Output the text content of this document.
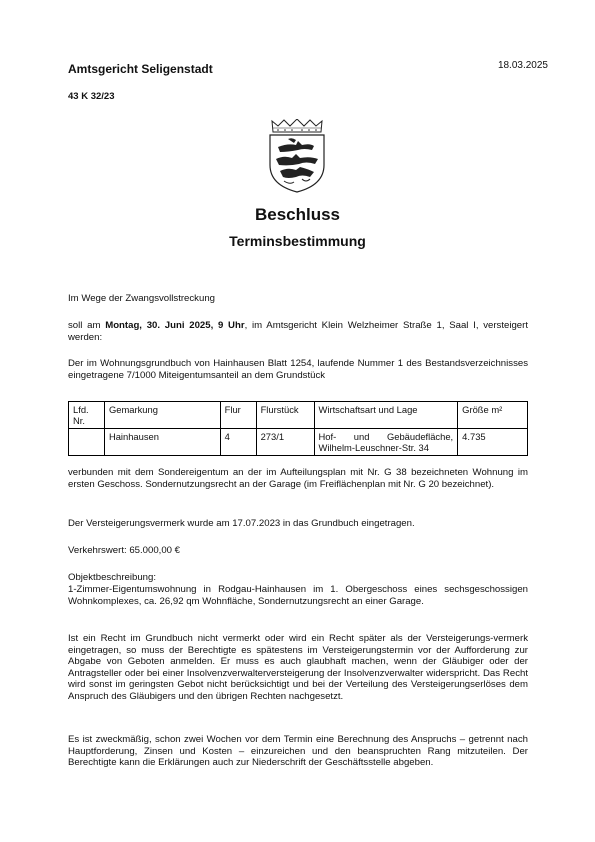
Amtsgericht Seligenstadt	18.03.2025
43 K 32/23
Beschluss
Terminsbestimmung
Im Wege der Zwangsvollstreckung
soll am Montag, 30. Juni 2025, 9 Uhr, im Amtsgericht Klein Welzheimer Straße 1, Saal I, versteigert werden:
Der im Wohnungsgrundbuch von Hainhausen Blatt 1254, laufende Nummer 1 des Bestandsverzeichnisses eingetragene 7/1000 Miteigentumsanteil an dem Grundstück
Lfd. Nr.	Gemarkung	Flur	Flurstück	Wirtschaftsart und Lage	Größe m²
	Hainhausen	4	273/1	Hof- und Gebäudefläche, Wilhelm-Leuschner-Str. 34	4.735
verbunden mit dem Sondereigentum an der im Aufteilungsplan mit Nr. G 38 bezeichneten Wohnung im ersten Geschoss. Sondernutzungsrecht an der Garage (im Freiflächenplan mit Nr. G 20 bezeichnet).
Der Versteigerungsvermerk wurde am 17.07.2023 in das Grundbuch eingetragen.
Verkehrswert: 65.000,00 €
Objektbeschreibung:
1-Zimmer-Eigentumswohnung in Rodgau-Hainhausen im 1. Obergeschoss eines sechsgeschossigen Wohnkomplexes, ca. 26,92 qm Wohnfläche, Sondernutzungsrecht an einer Garage.
Ist ein Recht im Grundbuch nicht vermerkt oder wird ein Recht später als der Versteigerungs-vermerk eingetragen, so muss der Berechtigte es spätestens im Versteigerungstermin vor der Aufforderung zur Abgabe von Geboten anmelden. Er muss es auch glaubhaft machen, wenn der Gläubiger oder der Antragsteller oder bei einer Insolvenzverwalterversteigerung der Insolvenzverwalter widerspricht. Das Recht wird sonst im geringsten Gebot nicht berücksichtigt und bei der Verteilung des Versteigerungserlöses dem Anspruch des Gläubigers und den übrigen Rechten nachgesetzt.
Es ist zweckmäßig, schon zwei Wochen vor dem Termin eine Berechnung des Anspruchs – getrennt nach Hauptforderung, Zinsen und Kosten – einzureichen und den beanspruchten Rang mitzuteilen. Der Berechtigte kann die Erklärungen auch zur Niederschrift der Geschäftsstelle abgeben.
